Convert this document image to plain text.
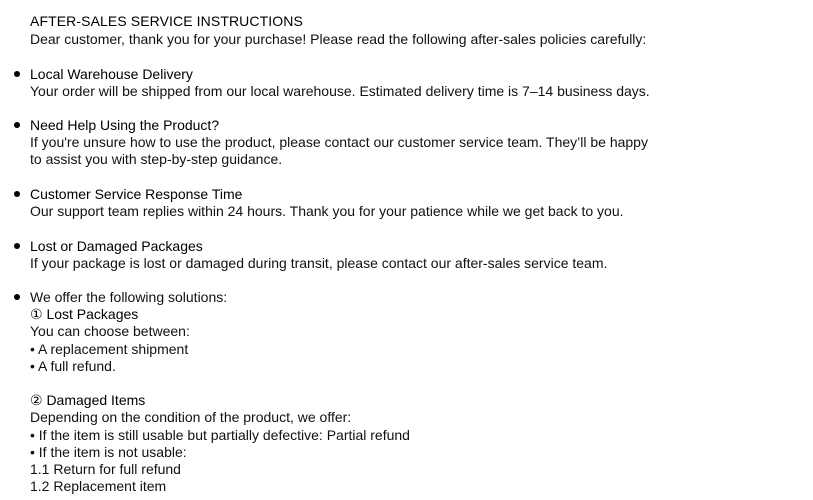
AFTER-SALES SERVICE INSTRUCTIONS
Dear customer, thank you for your purchase! Please read the following after-sales policies carefully:
Local Warehouse Delivery
Your order will be shipped from our local warehouse. Estimated delivery time is 7–14 business days.
Need Help Using the Product?
If you're unsure how to use the product, please contact our customer service team. They’ll be happy
to assist you with step-by-step guidance.
Customer Service Response Time
Our support team replies within 24 hours. Thank you for your patience while we get back to you.
Lost or Damaged Packages
If your package is lost or damaged during transit, please contact our after-sales service team.
We offer the following solutions:
① Lost Packages
You can choose between:
• A replacement shipment
• A full refund.
② Damaged Items
Depending on the condition of the product, we offer:
• If the item is still usable but partially defective: Partial refund
• If the item is not usable:
1.1 Return for full refund
1.2 Replacement item
